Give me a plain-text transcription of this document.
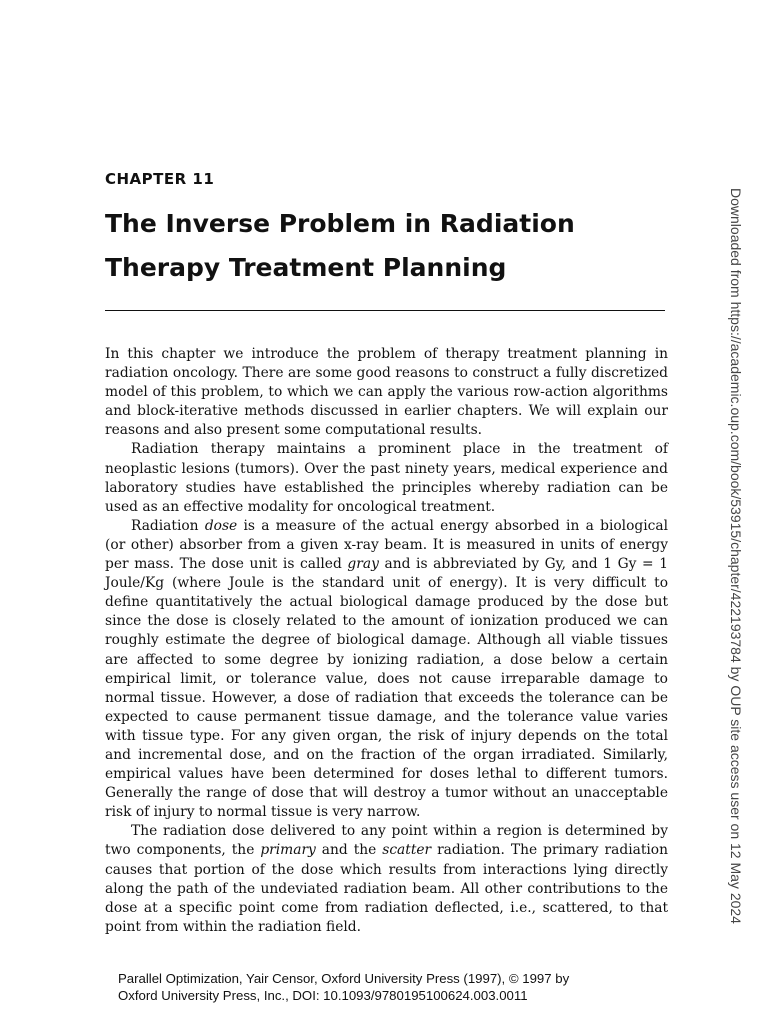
CHAPTER 11
The Inverse Problem in Radiation Therapy Treatment Planning

In this chapter we introduce the problem of therapy treatment planning in radiation oncology. There are some good reasons to construct a fully discretized model of this problem, to which we can apply the various row-action algorithms and block-iterative methods discussed in earlier chapters. We will explain our reasons and also present some computational results.

Radiation therapy maintains a prominent place in the treatment of neoplastic lesions (tumors). Over the past ninety years, medical experience and laboratory studies have established the principles whereby radiation can be used as an effective modality for oncological treatment.

Radiation dose is a measure of the actual energy absorbed in a biological (or other) absorber from a given x-ray beam. It is measured in units of energy per mass. The dose unit is called gray and is abbreviated by Gy, and 1 Gy = 1 Joule/Kg (where Joule is the standard unit of energy). It is very difficult to define quantitatively the actual biological damage produced by the dose but since the dose is closely related to the amount of ionization produced we can roughly estimate the degree of biological damage. Although all viable tissues are affected to some degree by ionizing radiation, a dose below a certain empirical limit, or tolerance value, does not cause irreparable damage to normal tissue. However, a dose of radiation that exceeds the tolerance can be expected to cause permanent tissue damage, and the tolerance value varies with tissue type. For any given organ, the risk of injury depends on the total and incremental dose, and on the fraction of the organ irradiated. Similarly, empirical values have been determined for doses lethal to different tumors. Generally the range of dose that will destroy a tumor without an unacceptable risk of injury to normal tissue is very narrow.

The radiation dose delivered to any point within a region is determined by two components, the primary and the scatter radiation. The primary radiation causes that portion of the dose which results from interactions lying directly along the path of the undeviated radiation beam. All other contributions to the dose at a specific point come from radiation deflected, i.e., scattered, to that point from within the radiation field.

Downloaded from https://academic.oup.com/book/53915/chapter/422193784 by OUP site access user on 12 May 2024
Parallel Optimization, Yair Censor, Oxford University Press (1997), © 1997 by
Oxford University Press, Inc., DOI: 10.1093/9780195100624.003.0011
